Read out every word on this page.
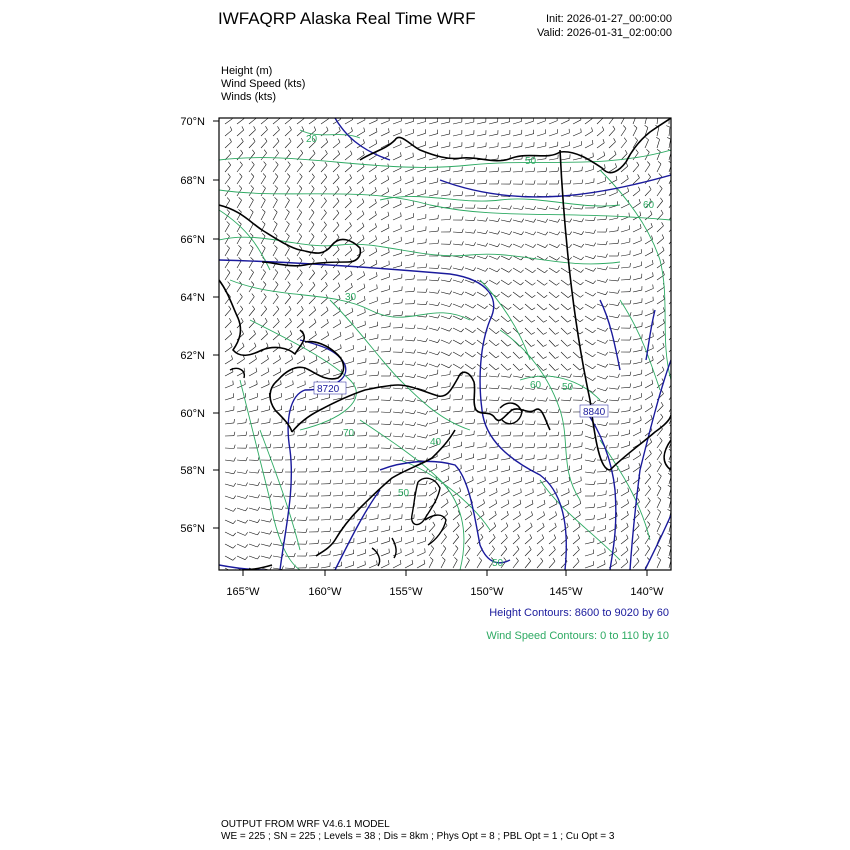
IWFAQRP Alaska Real Time WRF	Init: 2026-01-27_00:00:00
Valid: 2026-01-31_02:00:00
Height (m)
Wind Speed (kts)
Winds (kts)
70°N
68°N
66°N
64°N
62°N
60°N
58°N
56°N
165°W	160°W	155°W	150°W	145°W	140°W
8720
8840
20
50
60
30
60 50
70
50
40
50
Height Contours: 8600 to 9020 by 60
Wind Speed Contours: 0 to 110 by 10
OUTPUT FROM WRF V4.6.1 MODEL
WE = 225 ; SN = 225 ; Levels = 38 ; Dis = 8km ; Phys Opt = 8 ; PBL Opt = 1 ; Cu Opt = 3
